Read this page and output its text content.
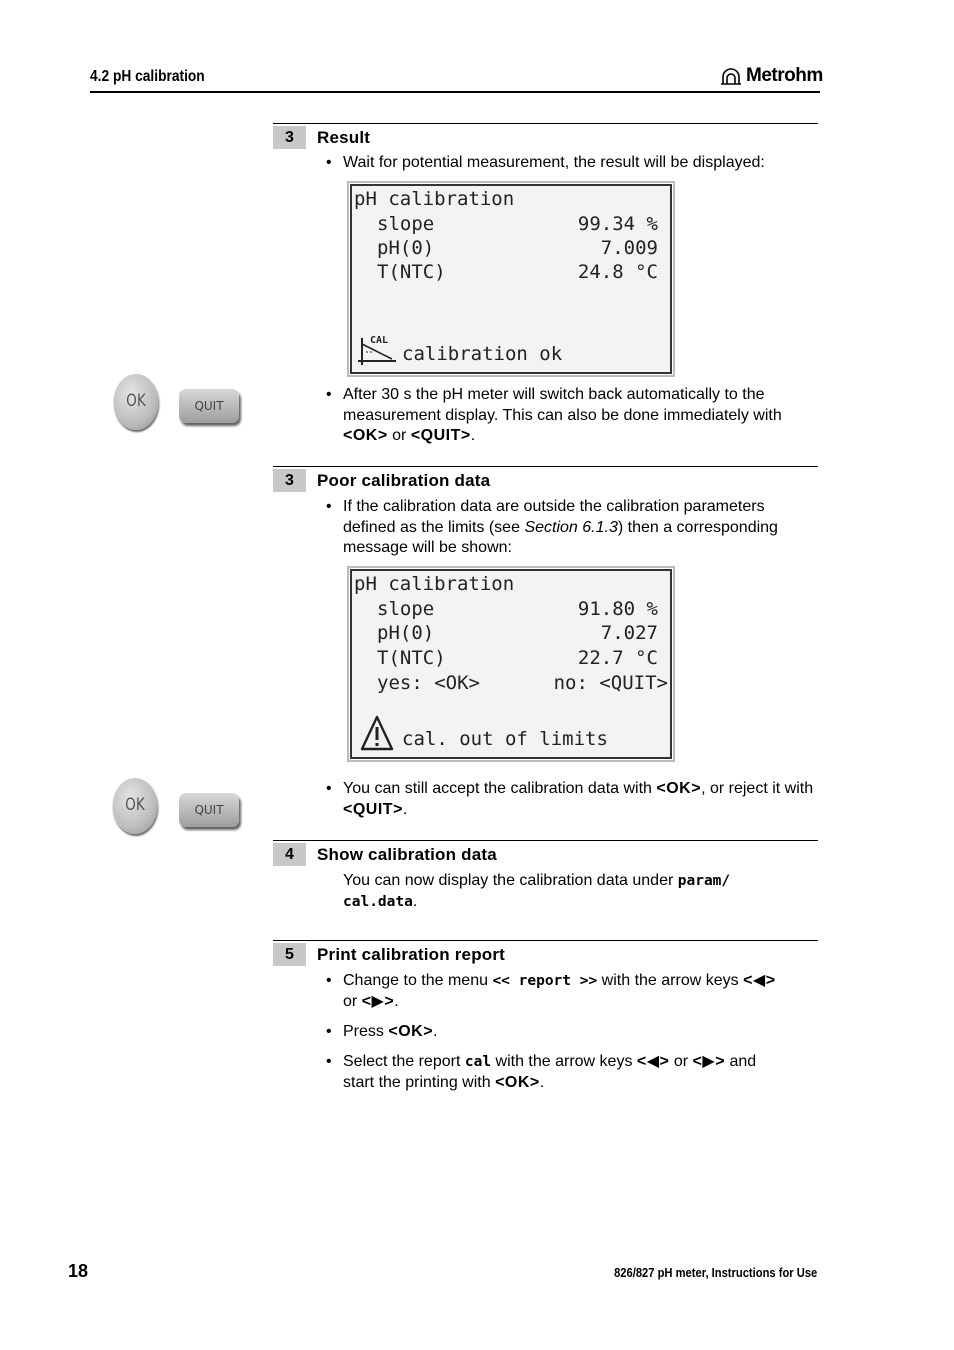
4.2 pH calibration	Metrohm
3	Result
• Wait for potential measurement, the result will be displayed:
pH calibration
slope	99.34 %
pH(0)	7.009
T(NTC)	24.8 °C
CAL
calibration ok
OK	QUIT
• After 30 s the pH meter will switch back automatically to the measurement display. This can also be done immediately with <OK> or <QUIT>.
3	Poor calibration data
• If the calibration data are outside the calibration parameters defined as the limits (see Section 6.1.3) then a corresponding message will be shown:
pH calibration
slope	91.80 %
pH(0)	7.027
T(NTC)	22.7 °C
yes: <OK>	no: <QUIT>
cal. out of limits
OK	QUIT
• You can still accept the calibration data with <OK>, or reject it with <QUIT>.
4	Show calibration data
You can now display the calibration data under param/
cal.data.
5	Print calibration report
• Change to the menu << report >> with the arrow keys <◀>
or <▶>.
• Press <OK>.
• Select the report cal with the arrow keys <◀> or <▶> and
start the printing with <OK>.
18	826/827 pH meter, Instructions for Use
